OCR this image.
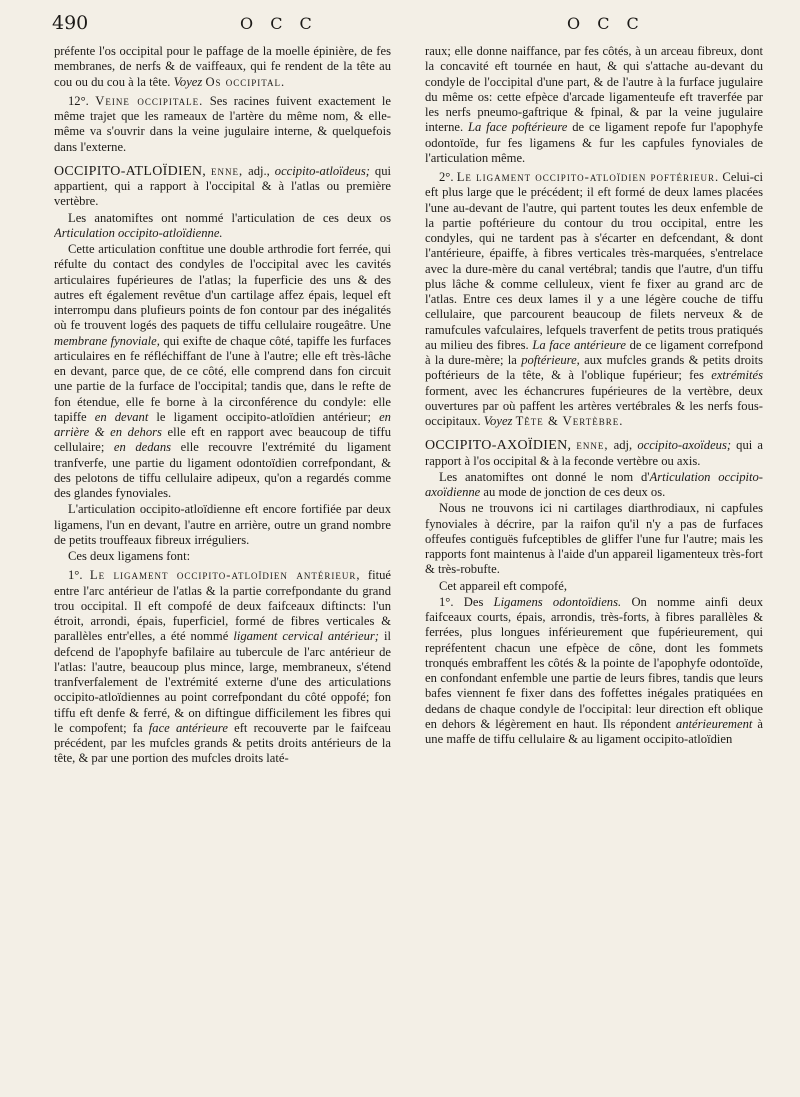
490	O C C	O C C

préfente l'os occipital pour le paffage de la moelle épinière, de fes membranes, de nerfs & de vaiffeaux, qui fe rendent de la tête au cou ou du cou à la tête. Voyez Os occipital.

12°. Veine occipitale. Ses racines fuivent exactement le même trajet que les rameaux de l'artère du même nom, & elle-même va s'ouvrir dans la veine jugulaire interne, & quelquefois dans l'externe.

OCCIPITO-ATLOÏDIEN, enne, adj., occipito-atloïdeus; qui appartient, qui a rapport à l'occipital & à l'atlas ou première vertèbre.

Les anatomiftes ont nommé l'articulation de ces deux os Articulation occipito-atloïdienne.

Cette articulation conftitue une double arthrodie fort ferrée, qui réfulte du contact des condyles de l'occipital avec les cavités articulaires fupérieures de l'atlas; la fuperficie des uns & des autres eft également revêtue d'un cartilage affez épais, lequel eft interrompu dans plufieurs points de fon contour par des inégalités où fe trouvent logés des paquets de tiffu cellulaire rougeâtre. Une membrane fynoviale, qui exifte de chaque côté, tapiffe les furfaces articulaires en fe réfléchiffant de l'une à l'autre; elle eft très-lâche en devant, parce que, de ce côté, elle comprend dans fon circuit une partie de la furface de l'occipital; tandis que, dans le refte de fon étendue, elle fe borne à la circonférence du condyle: elle tapiffe en devant le ligament occipito-atloïdien antérieur; en arrière & en dehors elle eft en rapport avec beaucoup de tiffu cellulaire; en dedans elle recouvre l'extrémité du ligament tranfverfe, une partie du ligament odontoïdien correfpondant, & des pelotons de tiffu cellulaire adipeux, qu'on a regardés comme des glandes fynoviales.

L'articulation occipito-atloïdienne eft encore fortifiée par deux ligamens, l'un en devant, l'autre en arrière, outre un grand nombre de petits trouffeaux fibreux irréguliers.

Ces deux ligamens font:

1°. Le ligament occipito-atloïdien antérieur, fitué entre l'arc antérieur de l'atlas & la partie correfpondante du grand trou occipital. Il eft compofé de deux faifceaux diftincts: l'un étroit, arrondi, épais, fuperficiel, formé de fibres verticales & parallèles entr'elles, a été nommé ligament cervical antérieur; il defcend de l'apophyfe bafilaire au tubercule de l'arc antérieur de l'atlas: l'autre, beaucoup plus mince, large, membraneux, s'étend tranfverfalement de l'extrémité externe d'une des articulations occipito-atloïdiennes au point correfpondant du côté oppofé; fon tiffu eft denfe & ferré, & on diftingue difficilement les fibres qui le compofent; fa face antérieure eft recouverte par le faifceau précédent, par les mufcles grands & petits droits antérieurs de la tête, & par une portion des mufcles droits laté-

raux; elle donne naiffance, par fes côtés, à un arceau fibreux, dont la concavité eft tournée en haut, & qui s'attache au-devant du condyle de l'occipital d'une part, & de l'autre à la furface jugulaire du même os: cette efpèce d'arcade ligamenteufe eft traverfée par les nerfs pneumo-gaftrique & fpinal, & par la veine jugulaire interne. La face poftérieure de ce ligament repofe fur l'apophyfe odontoïde, fur fes ligamens & fur les capfules fynoviales de l'articulation même.

2°. Le ligament occipito-atloïdien poftérieur. Celui-ci eft plus large que le précédent; il eft formé de deux lames placées l'une au-devant de l'autre, qui partent toutes les deux enfemble de la partie poftérieure du contour du trou occipital, entre les condyles, qui ne tardent pas à s'écarter en defcendant, & dont l'antérieure, épaiffe, à fibres verticales très-marquées, s'entrelace avec la dure-mère du canal vertébral; tandis que l'autre, d'un tiffu plus lâche & comme celluleux, vient fe fixer au grand arc de l'atlas. Entre ces deux lames il y a une légère couche de tiffu cellulaire, que parcourent beaucoup de filets nerveux & de ramufcules vafculaires, lefquels traverfent de petits trous pratiqués au milieu des fibres. La face antérieure de ce ligament correfpond à la dure-mère; la poftérieure, aux mufcles grands & petits droits poftérieurs de la tête, & à l'oblique fupérieur; fes extrémités forment, avec les échancrures fupérieures de la vertèbre, deux ouvertures par où paffent les artères vertébrales & les nerfs fous-occipitaux. Voyez Tête & Vertèbre.

OCCIPITO-AXOÏDIEN, enne, adj, occipito-axoïdeus; qui a rapport à l'os occipital & à la feconde vertèbre ou axis.

Les anatomiftes ont donné le nom d'Articulation occipito-axoïdienne au mode de jonction de ces deux os.

Nous ne trouvons ici ni cartilages diarthrodiaux, ni capfules fynoviales à décrire, par la raifon qu'il n'y a pas de furfaces offeufes contiguës fufceptibles de gliffer l'une fur l'autre; mais les rapports font maintenus à l'aide d'un appareil ligamenteux très-fort & très-robufte.

Cet appareil eft compofé,

1°. Des Ligamens odontoïdiens. On nomme ainfi deux faifceaux courts, épais, arrondis, très-forts, à fibres parallèles & ferrées, plus longues inférieurement que fupérieurement, qui repréfentent chacun une efpèce de cône, dont les fommets tronqués embraffent les côtés & la pointe de l'apophyfe odontoïde, en confondant enfemble une partie de leurs fibres, tandis que leurs bafes viennent fe fixer dans des foffettes inégales pratiquées en dedans de chaque condyle de l'occipital: leur direction eft oblique en dehors & légèrement en haut. Ils répondent antérieurement à une maffe de tiffu cellulaire & au ligament occipito-atloïdien
